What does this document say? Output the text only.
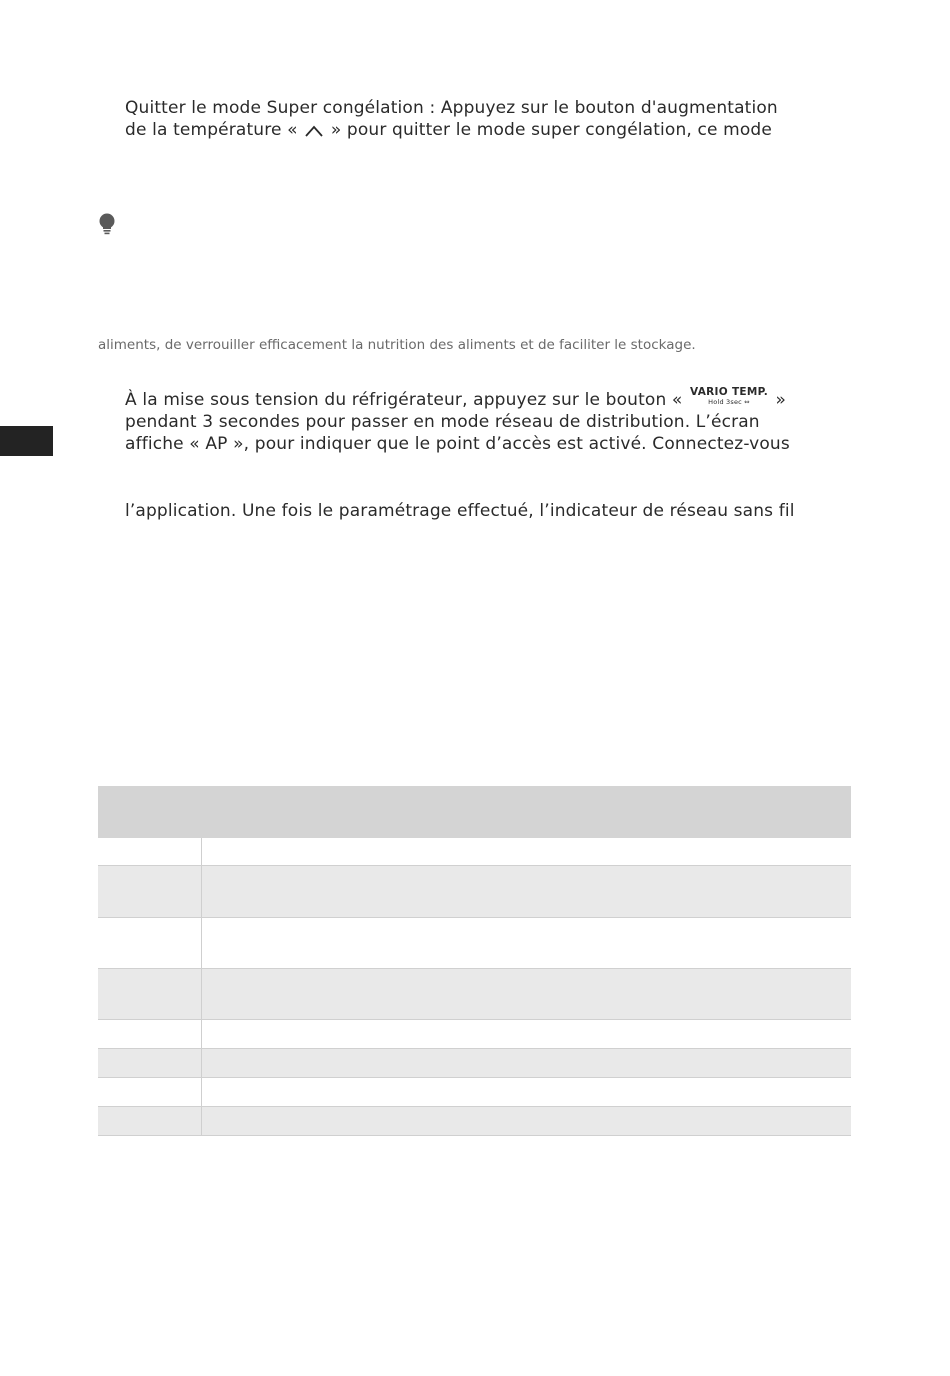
Quitter le mode Super congélation : Appuyez sur le bouton d'augmentation
de la température «  » pour quitter le mode super congélation, ce mode
aliments, de verrouiller efficacement la nutrition des aliments et de faciliter le stockage.
À la mise sous tension du réfrigérateur, appuyez sur le bouton « VARIO TEMP.
Hold 3sec ⇔	»
pendant 3 secondes pour passer en mode réseau de distribution. L’écran
affiche « AP », pour indiquer que le point d’accès est activé. Connectez-vous
l’application. Une fois le paramétrage effectué, l’indicateur de réseau sans fil
